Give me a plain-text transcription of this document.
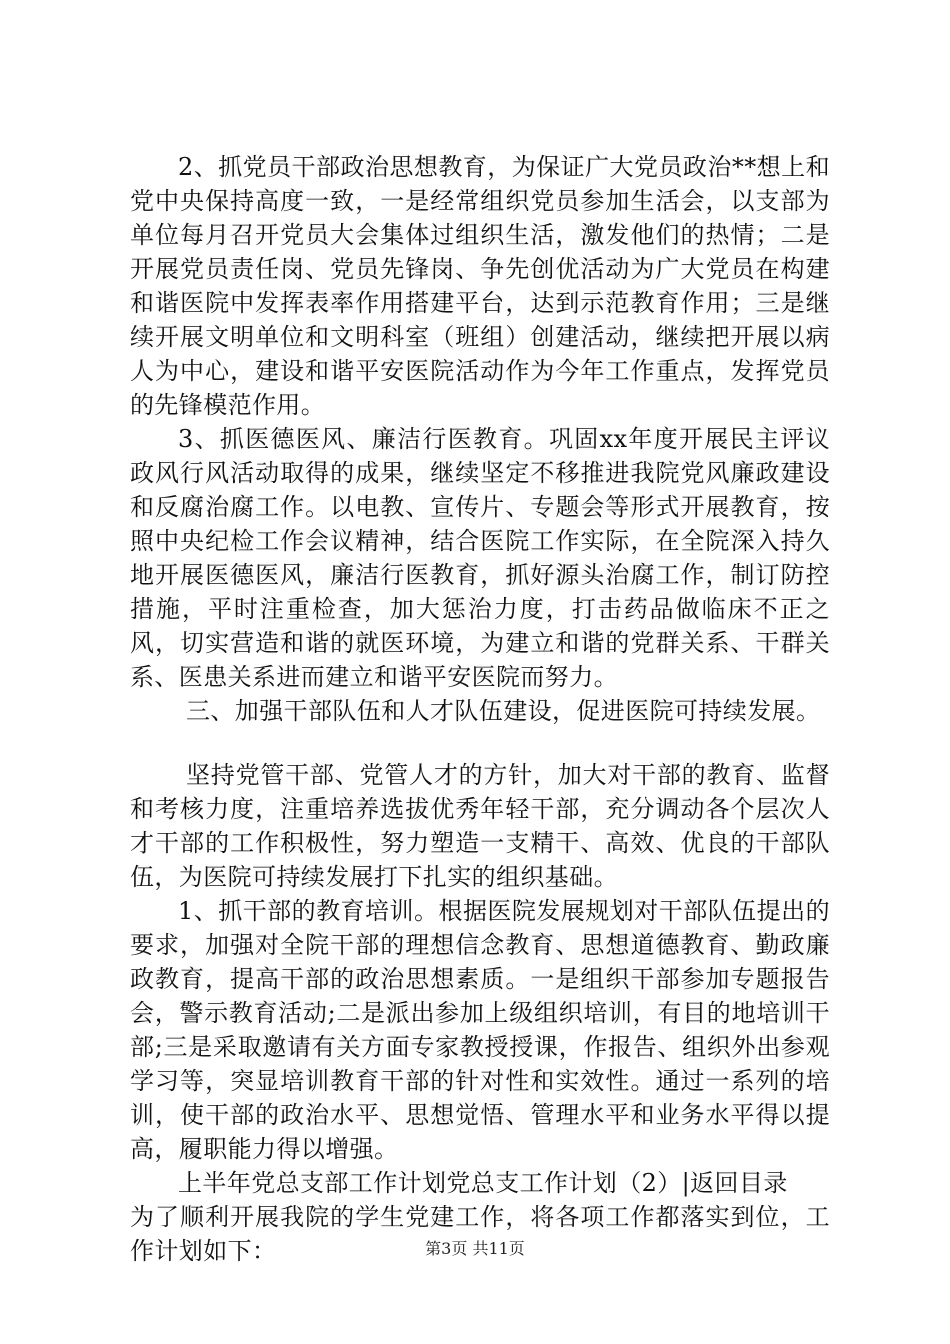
2、抓党员干部政治思想教育，为保证广大党员政治**想上和党中央保持高度一致，一是经常组织党员参加生活会，以支部为单位每月召开党员大会集体过组织生活，激发他们的热情；二是开展党员责任岗、党员先锋岗、争先创优活动为广大党员在构建和谐医院中发挥表率作用搭建平台，达到示范教育作用；三是继续开展文明单位和文明科室（班组）创建活动，继续把开展以病人为中心，建设和谐平安医院活动作为今年工作重点，发挥党员的先锋模范作用。

3、抓医德医风、廉洁行医教育。巩固xx年度开展民主评议政风行风活动取得的成果，继续坚定不移推进我院党风廉政建设和反腐治腐工作。以电教、宣传片、专题会等形式开展教育，按照中央纪检工作会议精神，结合医院工作实际，在全院深入持久地开展医德医风，廉洁行医教育，抓好源头治腐工作，制订防控措施，平时注重检查，加大惩治力度，打击药品做临床不正之风，切实营造和谐的就医环境，为建立和谐的党群关系、干群关系、医患关系进而建立和谐平安医院而努力。

三、加强干部队伍和人才队伍建设，促进医院可持续发展。

坚持党管干部、党管人才的方针，加大对干部的教育、监督和考核力度，注重培养选拔优秀年轻干部，充分调动各个层次人才干部的工作积极性，努力塑造一支精干、高效、优良的干部队伍，为医院可持续发展打下扎实的组织基础。

1、抓干部的教育培训。根据医院发展规划对干部队伍提出的要求，加强对全院干部的理想信念教育、思想道德教育、勤政廉政教育，提高干部的政治思想素质。一是组织干部参加专题报告会，警示教育活动;二是派出参加上级组织培训，有目的地培训干部;三是采取邀请有关方面专家教授授课，作报告、组织外出参观学习等，突显培训教育干部的针对性和实效性。通过一系列的培训，使干部的政治水平、思想觉悟、管理水平和业务水平得以提高，履职能力得以增强。

上半年党总支部工作计划党总支工作计划（2）|返回目录

为了顺利开展我院的学生党建工作，将各项工作都落实到位，工作计划如下：	第3页 共11页
